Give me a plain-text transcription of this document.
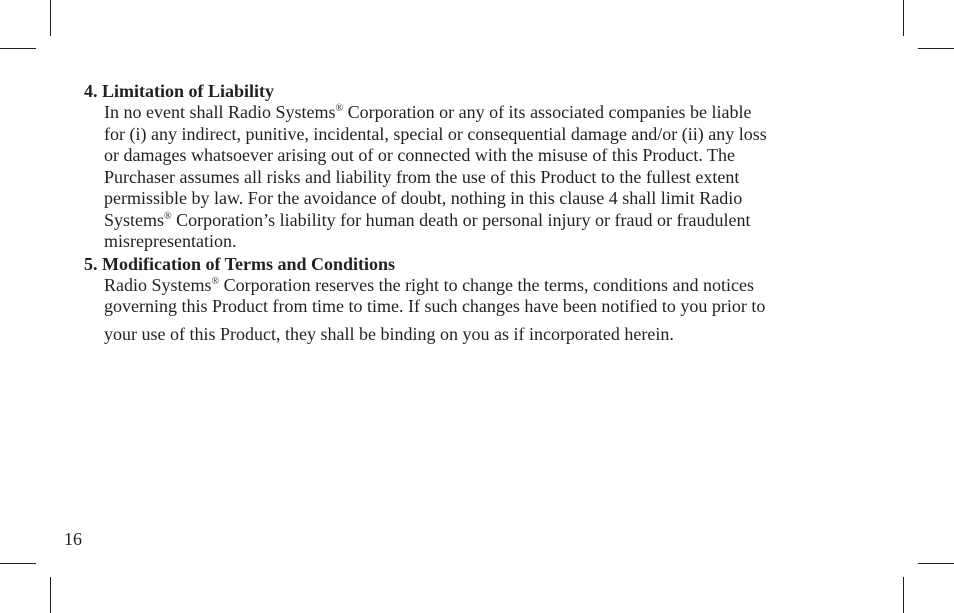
4. Limitation of Liability
In no event shall Radio Systems® Corporation or any of its associated companies be liable
for (i) any indirect, punitive, incidental, special or consequential damage and/or (ii) any loss
or damages whatsoever arising out of or connected with the misuse of this Product. The
Purchaser assumes all risks and liability from the use of this Product to the fullest extent
permissible by law. For the avoidance of doubt, nothing in this clause 4 shall limit Radio
Systems® Corporation’s liability for human death or personal injury or fraud or fraudulent
misrepresentation.
5. Modification of Terms and Conditions
Radio Systems® Corporation reserves the right to change the terms, conditions and notices
governing this Product from time to time. If such changes have been notified to you prior to
your use of this Product, they shall be binding on you as if incorporated herein.
16
